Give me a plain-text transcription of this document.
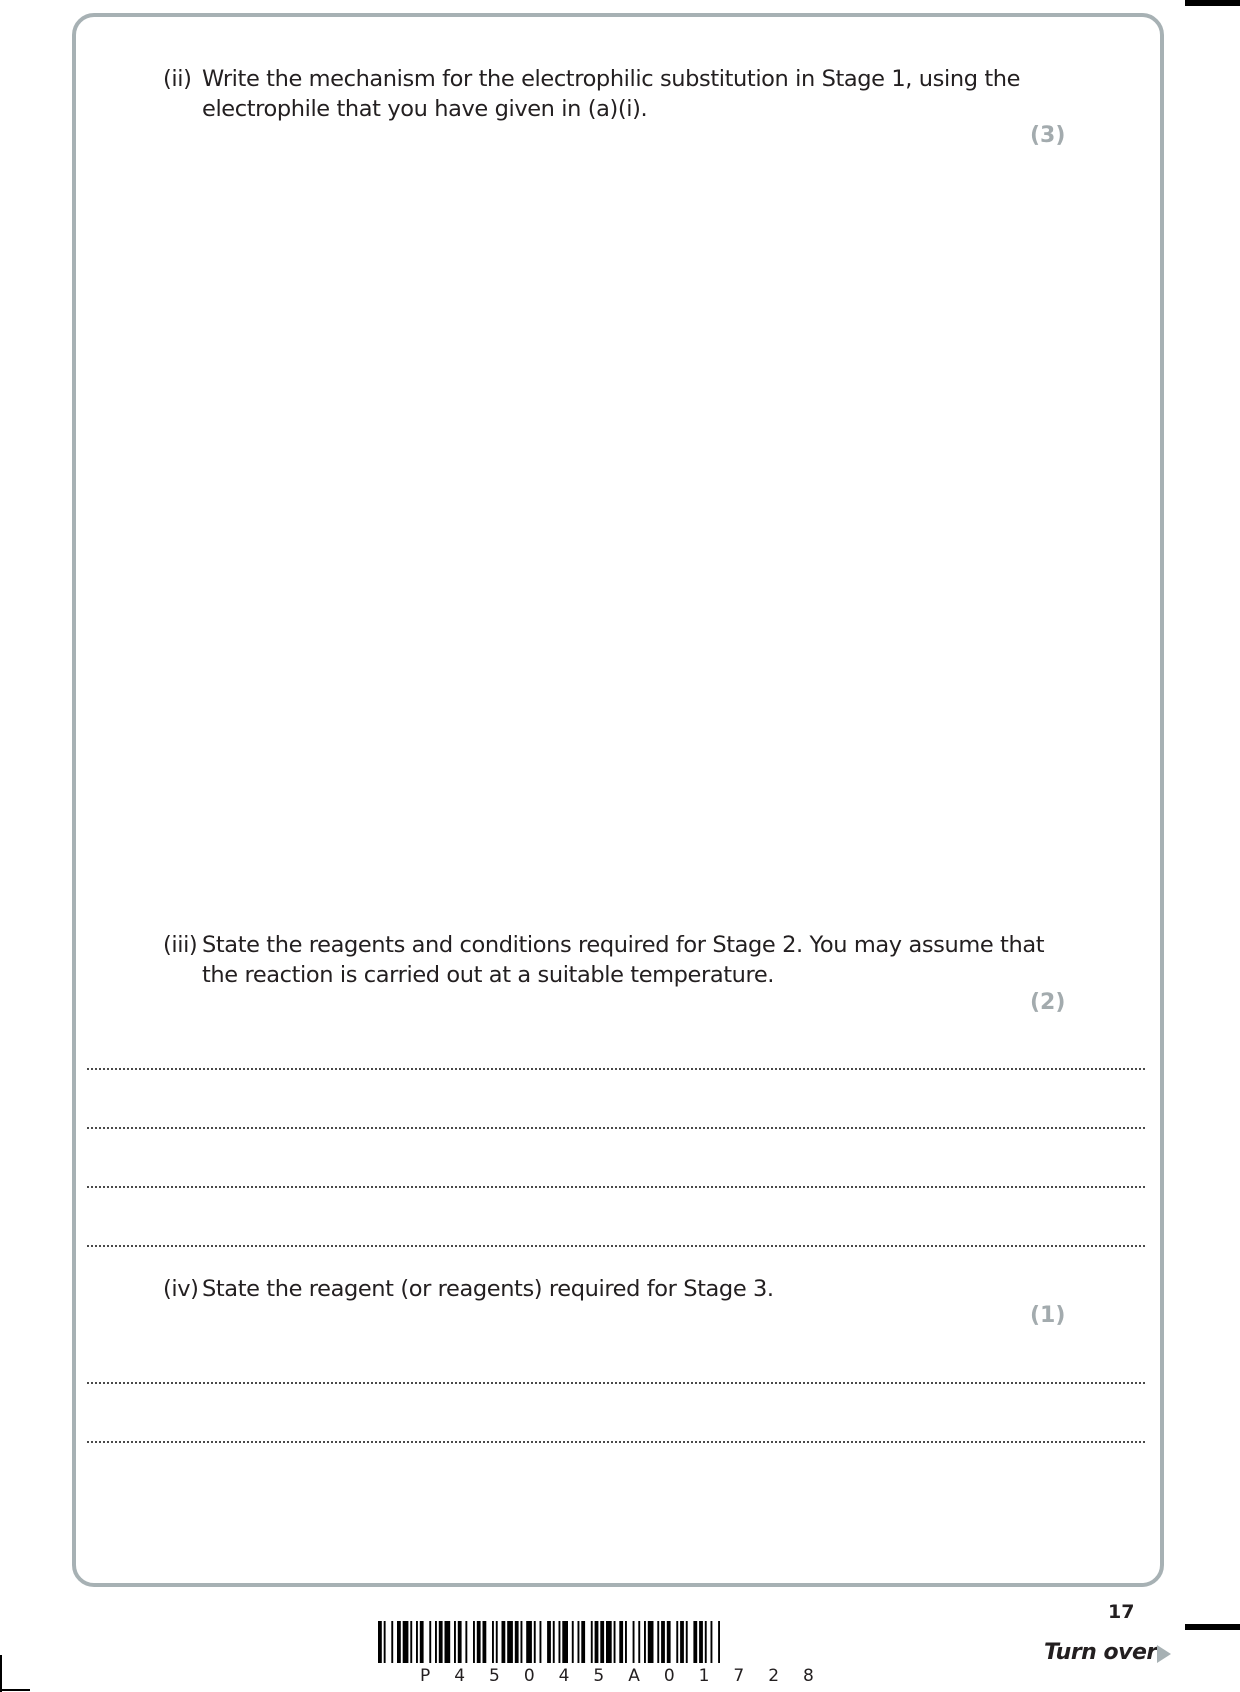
(ii) Write the mechanism for the electrophilic substitution in Stage 1, using the
electrophile that you have given in (a)(i).
(3)
(iii) State the reagents and conditions required for Stage 2. You may assume that
the reaction is carried out at a suitable temperature.
(2)
(iv) State the reagent (or reagents) required for Stage 3.
(1)
17
P 4 5 0 4 5 A 0 1 7 2 8
Turn over
